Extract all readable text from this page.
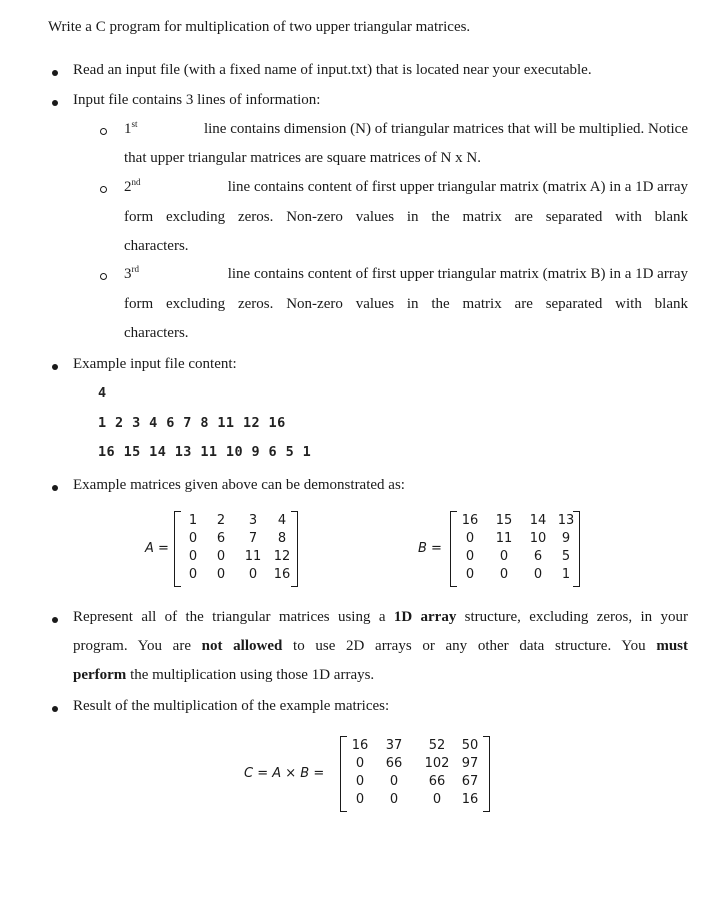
Write a C program for multiplication of two upper triangular matrices.
Read an input file (with a fixed name of input.txt) that is located near your executable.
Input file contains 3 lines of information:
1st	line contains dimension (N) of triangular matrices that will be multiplied. Notice
that upper triangular matrices are square matrices of N x N.
2nd	line contains content of first upper triangular matrix (matrix A) in a 1D array
form excluding zeros. Non-zero values in the matrix are separated with blank
characters.
3rd	line contains content of first upper triangular matrix (matrix B) in a 1D array
form excluding zeros. Non-zero values in the matrix are separated with blank
characters.
Example input file content:
4
1 2 3 4 6 7 8 11 12 16
16 15 14 13 11 10 9 6 5 1
Example matrices given above can be demonstrated as:
A =
1	2	3	4
0	6	7	8
0	0	11 12
0	0	0	16
B =
16	15	14 13
0	11	10	9
0	0	6	5
0	0	0	1
Represent all of the triangular matrices using a 1D array structure, excluding zeros, in your
program. You are not allowed to use 2D arrays or any other data structure. You must
perform the multiplication using those 1D arrays.
Result of the multiplication of the example matrices:
C = A × B =
16	37	52	50
0	66	102 97
0	0	66	67
0	0	0	16
